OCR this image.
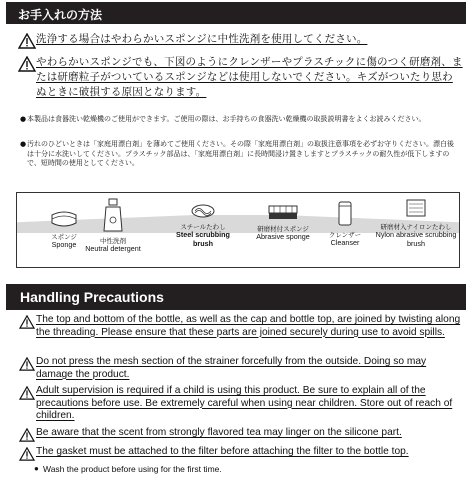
お手入れの方法
洗浄する場合はやわらかいスポンジに中性洗剤を使用してください。
やわらかいスポンジでも、下図のようにクレンザーやプラスチックに傷のつく研磨剤、または研磨粒子がついているスポンジなどは使用しないでください。キズがついたり思わぬときに破損する原因となります。
● 本製品は食器洗い乾燥機のご使用ができます。ご使用の際は、お手持ちの食器洗い乾燥機の取扱説明書をよくお読みください。
● 汚れのひどいときは「家庭用漂白剤」を薄めてご使用ください。その際「家庭用漂白剤」の取扱注意事項を必ずお守りください。漂白後は十分に水洗いしてください。プラスチック部品は、「家庭用漂白剤」に長時間浸け置きしますとプラスチックの耐久性が低下しますので、短時間の使用としてください。
スポンジ
Sponge	中性洗剤
Neutral detergent
スチールたわし
Steel scrubbing brush
研磨材付スポンジ
Abrasive sponge	クレンザー
Cleanser
研磨材入ナイロンたわし
Nylon abrasive scrubbing brush
Handling Precautions
The top and bottom of the bottle, as well as the cap and bottle top, are joined by twisting along the threading. Please ensure that these parts are joined securely during use to avoid spills.
Do not press the mesh section of the strainer forcefully from the outside. Doing so may damage the product.
Adult supervision is required if a child is using this product. Be sure to explain all of the precautions before use. Be extremely careful when using near children. Store out of reach of children.
Be aware that the scent from strongly flavored tea may linger on the silicone part.
The gasket must be attached to the filter before attaching the filter to the bottle top.
● Wash the product before using for the first time.
